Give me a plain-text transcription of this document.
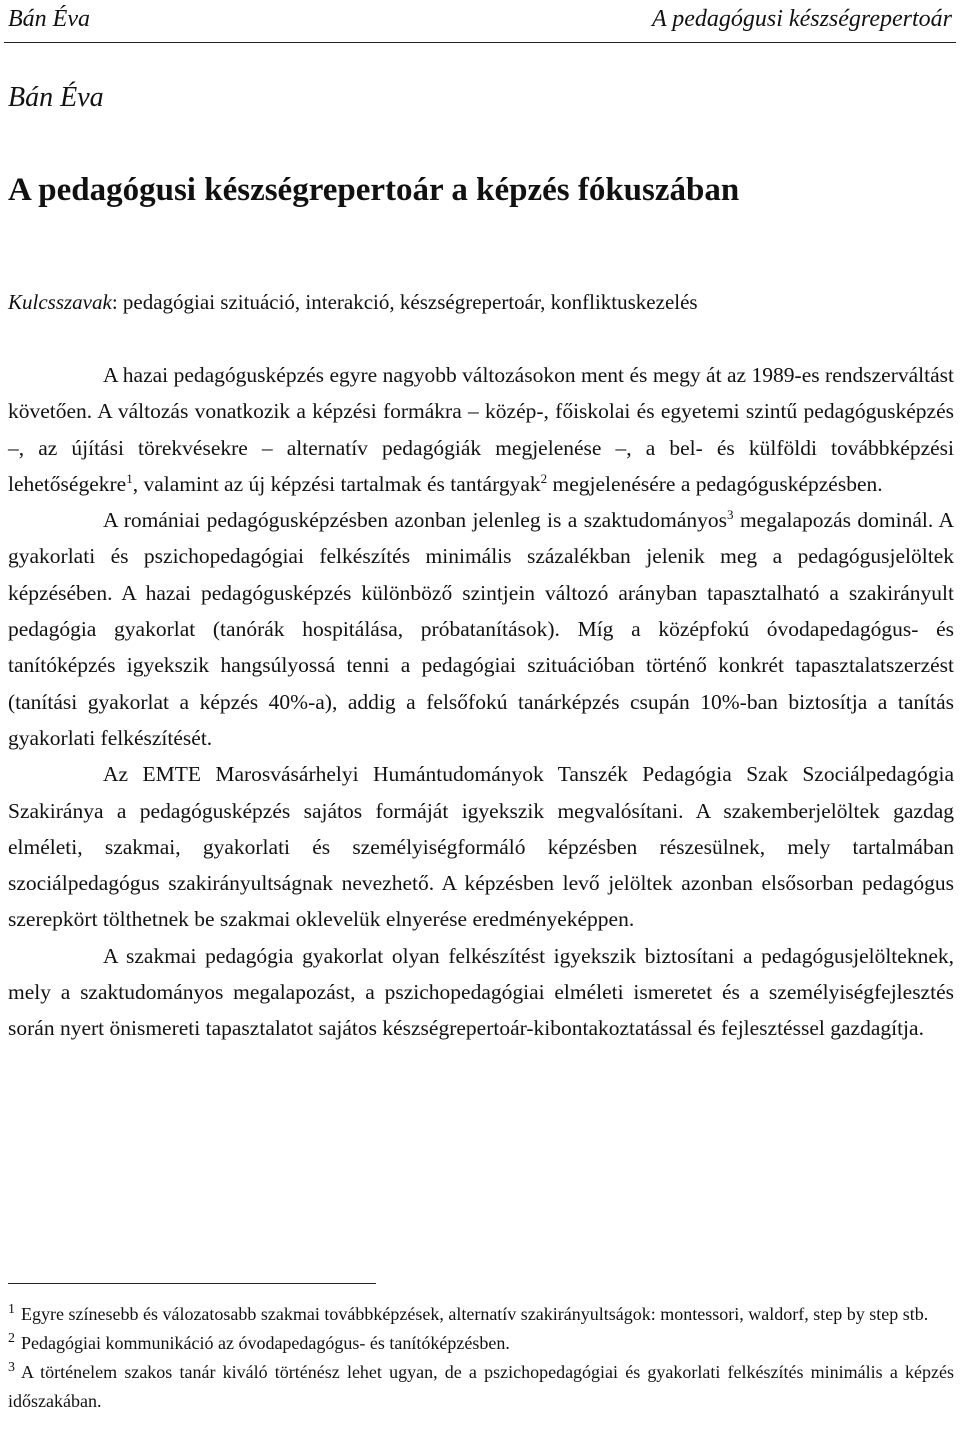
Bán Éva	A pedagógusi készségrepertoár
Bán Éva
A pedagógusi készségrepertoár a képzés fókuszában
Kulcsszavak: pedagógiai szituáció, interakció, készségrepertoár, konfliktuskezelés

A hazai pedagógusképzés egyre nagyobb változásokon ment és megy át az 1989-es rendszerváltást követően. A változás vonatkozik a képzési formákra – közép-, főiskolai és egyetemi szintű pedagógusképzés –, az újítási törekvésekre – alternatív pedagógiák megjelenése –, a bel- és külföldi továbbképzési lehetőségekre$^1$, valamint az új képzési tartalmak és tantárgyak$^2$ megjelenésére a pedagógusképzésben.

A romániai pedagógusképzésben azonban jelenleg is a szaktudományos$^3$ megalapozás dominál. A gyakorlati és pszichopedagógiai felkészítés minimális százalékban jelenik meg a pedagógusjelöltek képzésében. A hazai pedagógusképzés különböző szintjein változó arányban tapasztalható a szakirányult pedagógia gyakorlat (tanórák hospitálása, próbatanítások). Míg a középfokú óvodapedagógus- és tanítóképzés igyekszik hangsúlyossá tenni a pedagógiai szituációban történő konkrét tapasztalatszerzést (tanítási gyakorlat a képzés 40%-a), addig a felsőfokú tanárképzés csupán 10%-ban biztosítja a tanítás gyakorlati felkészítését.

Az EMTE Marosvásárhelyi Humántudományok Tanszék Pedagógia Szak Szociálpedagógia Szakiránya a pedagógusképzés sajátos formáját igyekszik megvalósítani. A szakemberjelöltek gazdag elméleti, szakmai, gyakorlati és személyiségformáló képzésben részesülnek, mely tartalmában szociálpedagógus szakirányultságnak nevezhető. A képzésben levő jelöltek azonban elsősorban pedagógus szerepkört tölthetnek be szakmai oklevelük elnyerése eredményeképpen.

A szakmai pedagógia gyakorlat olyan felkészítést igyekszik biztosítani a pedagógusjelölteknek, mely a szaktudományos megalapozást, a pszichopedagógiai elméleti ismeretet és a személyiségfejlesztés során nyert önismereti tapasztalatot sajátos készségrepertoár-kibontakoztatással és fejlesztéssel gazdagítja.

$^1$ Egyre színesebb és válozatosabb szakmai továbbképzések, alternatív szakirányultságok: montessori, waldorf, step by step stb.

$^2$ Pedagógiai kommunikáció az óvodapedagógus- és tanítóképzésben.

$^3$ A történelem szakos tanár kiváló történész lehet ugyan, de a pszichopedagógiai és gyakorlati felkészítés minimális a képzés időszakában.
